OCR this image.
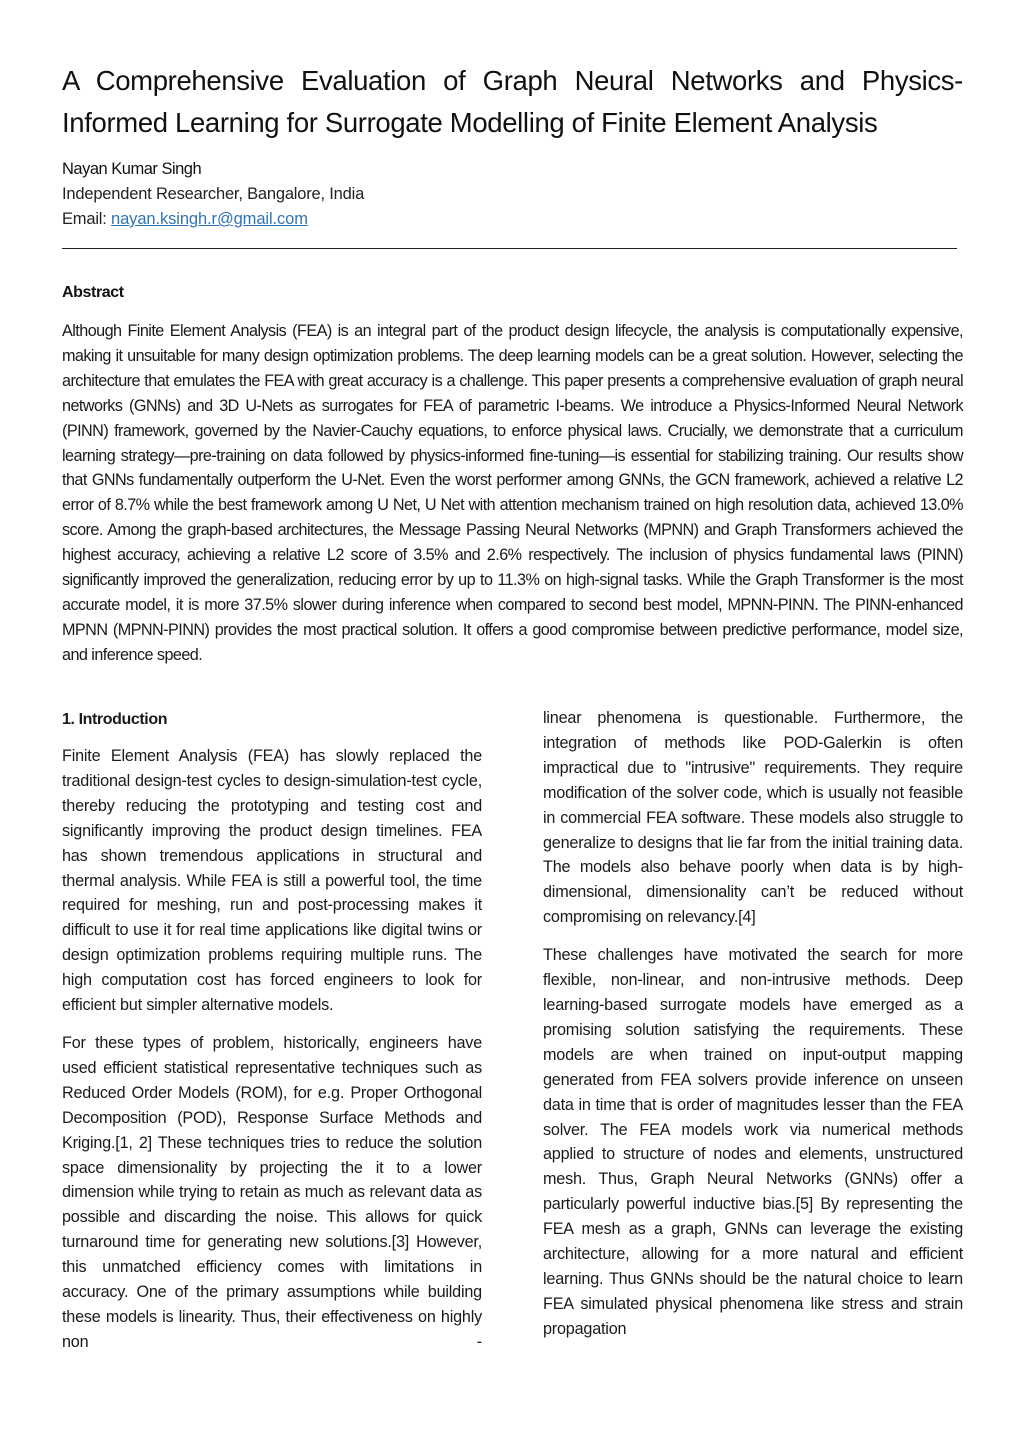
A Comprehensive Evaluation of Graph Neural Networks and Physics-Informed Learning for Surrogate Modelling of Finite Element Analysis
Nayan Kumar Singh
Independent Researcher, Bangalore, India
Email: nayan.ksingh.r@gmail.com
Abstract

Although Finite Element Analysis (FEA) is an integral part of the product design lifecycle, the analysis is computationally expensive, making it unsuitable for many design optimization problems. The deep learning models can be a great solution. However, selecting the architecture that emulates the FEA with great accuracy is a challenge. This paper presents a comprehensive evaluation of graph neural networks (GNNs) and 3D U-Nets as surrogates for FEA of parametric I-beams. We introduce a Physics-Informed Neural Network (PINN) framework, governed by the Navier-Cauchy equations, to enforce physical laws. Crucially, we demonstrate that a curriculum learning strategy—pre-training on data followed by physics-informed fine-tuning—is essential for stabilizing training. Our results show that GNNs fundamentally outperform the U-Net. Even the worst performer among GNNs, the GCN framework, achieved a relative L2 error of 8.7% while the best framework among U Net, U Net with attention mechanism trained on high resolution data, achieved 13.0% score. Among the graph-based architectures, the Message Passing Neural Networks (MPNN) and Graph Transformers achieved the highest accuracy, achieving a relative L2 score of 3.5% and 2.6% respectively. The inclusion of physics fundamental laws (PINN) significantly improved the generalization, reducing error by up to 11.3% on high-signal tasks. While the Graph Transformer is the most accurate model, it is more 37.5% slower during inference when compared to second best model, MPNN-PINN. The PINN-enhanced MPNN (MPNN-PINN) provides the most practical solution. It offers a good compromise between predictive performance, model size, and inference speed.

1. Introduction

Finite Element Analysis (FEA) has slowly replaced the traditional design-test cycles to design-simulation-test cycle, thereby reducing the prototyping and testing cost and significantly improving the product design timelines. FEA has shown tremendous applications in structural and thermal analysis. While FEA is still a powerful tool, the time required for meshing, run and post-processing makes it difficult to use it for real time applications like digital twins or design optimization problems requiring multiple runs. The high computation cost has forced engineers to look for efficient but simpler alternative models.

For these types of problem, historically, engineers have used efficient statistical representative techniques such as Reduced Order Models (ROM), for e.g. Proper Orthogonal Decomposition (POD), Response Surface Methods and Kriging.[1, 2] These techniques tries to reduce the solution space dimensionality by projecting the it to a lower dimension while trying to retain as much as relevant data as possible and discarding the noise. This allows for quick turnaround time for generating new solutions.[3] However, this unmatched efficiency comes with limitations in accuracy. One of the primary assumptions while building these models is linearity. Thus, their effectiveness on highly non -

linear phenomena is questionable. Furthermore, the integration of methods like POD-Galerkin is often impractical due to "intrusive" requirements. They require modification of the solver code, which is usually not feasible in commercial FEA software. These models also struggle to generalize to designs that lie far from the initial training data. The models also behave poorly when data is by high-dimensional, dimensionality can’t be reduced without compromising on relevancy.[4]

These challenges have motivated the search for more flexible, non-linear, and non-intrusive methods. Deep learning-based surrogate models have emerged as a promising solution satisfying the requirements. These models are when trained on input-output mapping generated from FEA solvers provide inference on unseen data in time that is order of magnitudes lesser than the FEA solver. The FEA models work via numerical methods applied to structure of nodes and elements, unstructured mesh. Thus, Graph Neural Networks (GNNs) offer a particularly powerful inductive bias.[5] By representing the FEA mesh as a graph, GNNs can leverage the existing architecture, allowing for a more natural and efficient learning. Thus GNNs should be the natural choice to learn FEA simulated physical phenomena like stress and strain propagation
